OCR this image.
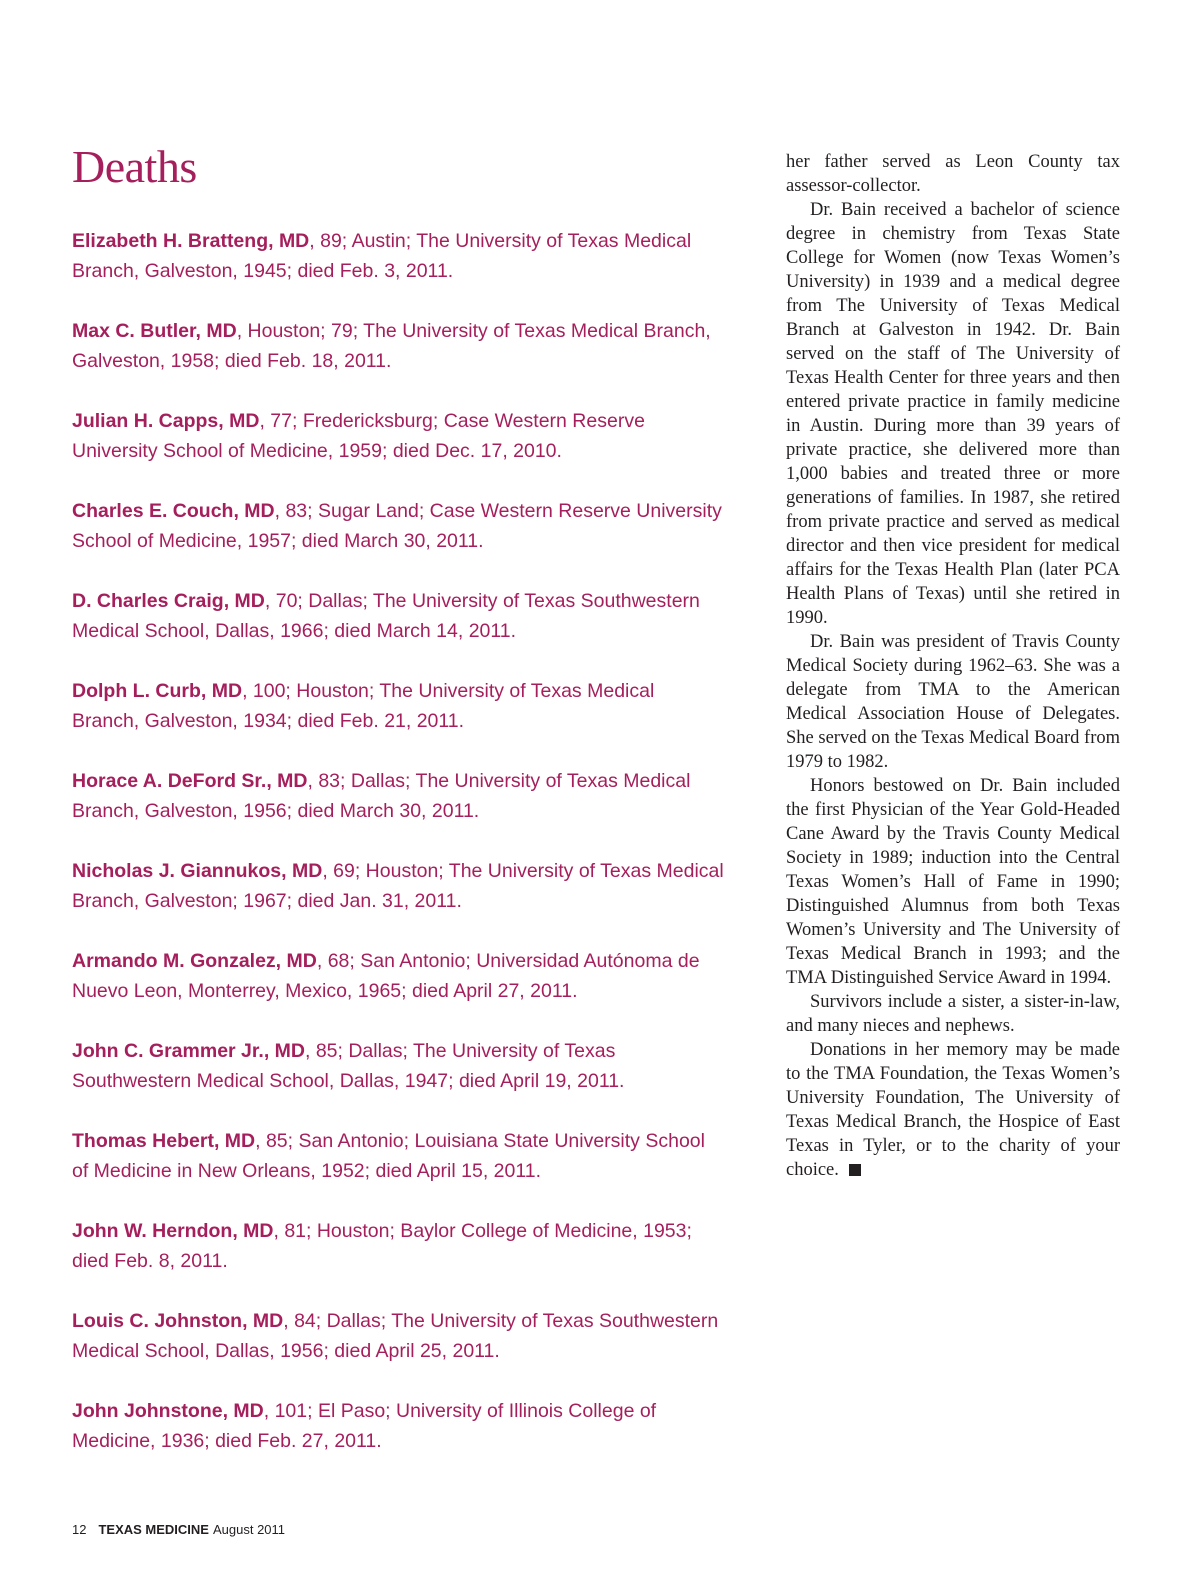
Deaths

Elizabeth H. Bratteng, MD, 89; Austin; The University of Texas Medical Branch, Galveston, 1945; died Feb. 3, 2011.

Max C. Butler, MD, Houston; 79; The University of Texas Medical Branch, Galveston, 1958; died Feb. 18, 2011.

Julian H. Capps, MD, 77; Fredericksburg; Case Western Reserve University School of Medicine, 1959; died Dec. 17, 2010.

Charles E. Couch, MD, 83; Sugar Land; Case Western Reserve University School of Medicine, 1957; died March 30, 2011.

D. Charles Craig, MD, 70; Dallas; The University of Texas Southwestern Medical School, Dallas, 1966; died March 14, 2011.

Dolph L. Curb, MD, 100; Houston; The University of Texas Medical Branch, Galveston, 1934; died Feb. 21, 2011.

Horace A. DeFord Sr., MD, 83; Dallas; The University of Texas Medical Branch, Galveston, 1956; died March 30, 2011.

Nicholas J. Giannukos, MD, 69; Houston; The University of Texas Medical Branch, Galveston; 1967; died Jan. 31, 2011.

Armando M. Gonzalez, MD, 68; San Antonio; Universidad Autónoma de Nuevo Leon, Monterrey, Mexico, 1965; died April 27, 2011.

John C. Grammer Jr., MD, 85; Dallas; The University of Texas Southwestern Medical School, Dallas, 1947; died April 19, 2011.

Thomas Hebert, MD, 85; San Antonio; Louisiana State University School of Medicine in New Orleans, 1952; died April 15, 2011.

John W. Herndon, MD, 81; Houston; Baylor College of Medicine, 1953; died Feb. 8, 2011.

Louis C. Johnston, MD, 84; Dallas; The University of Texas Southwestern Medical School, Dallas, 1956; died April 25, 2011.

John Johnstone, MD, 101; El Paso; University of Illinois College of Medicine, 1936; died Feb. 27, 2011.

her father served as Leon County tax assessor-collector.

Dr. Bain received a bachelor of science degree in chemistry from Texas State College for Women (now Texas Women’s University) in 1939 and a medical degree from The University of Texas Medical Branch at Galveston in 1942. Dr. Bain served on the staff of The University of Texas Health Center for three years and then entered private practice in family medicine in Austin. During more than 39 years of private practice, she delivered more than 1,000 babies and treated three or more generations of families. In 1987, she retired from private practice and served as medical director and then vice president for medical affairs for the Texas Health Plan (later PCA Health Plans of Texas) until she retired in 1990.

Dr. Bain was president of Travis County Medical Society during 1962–63. She was a delegate from TMA to the American Medical Association House of Delegates. She served on the Texas Medical Board from 1979 to 1982.

Honors bestowed on Dr. Bain included the first Physician of the Year Gold-Headed Cane Award by the Travis County Medical Society in 1989; induction into the Central Texas Women’s Hall of Fame in 1990; Distinguished Alumnus from both Texas Women’s University and The University of Texas Medical Branch in 1993; and the TMA Distinguished Service Award in 1994.

Survivors include a sister, a sister-in-law, and many nieces and nephews.

Donations in her memory may be made to the TMA Foundation, the Texas Women’s University Foundation, The University of Texas Medical Branch, the Hospice of East Texas in Tyler, or to the charity of your choice.

12 TEXAS MEDICINE August 2011
